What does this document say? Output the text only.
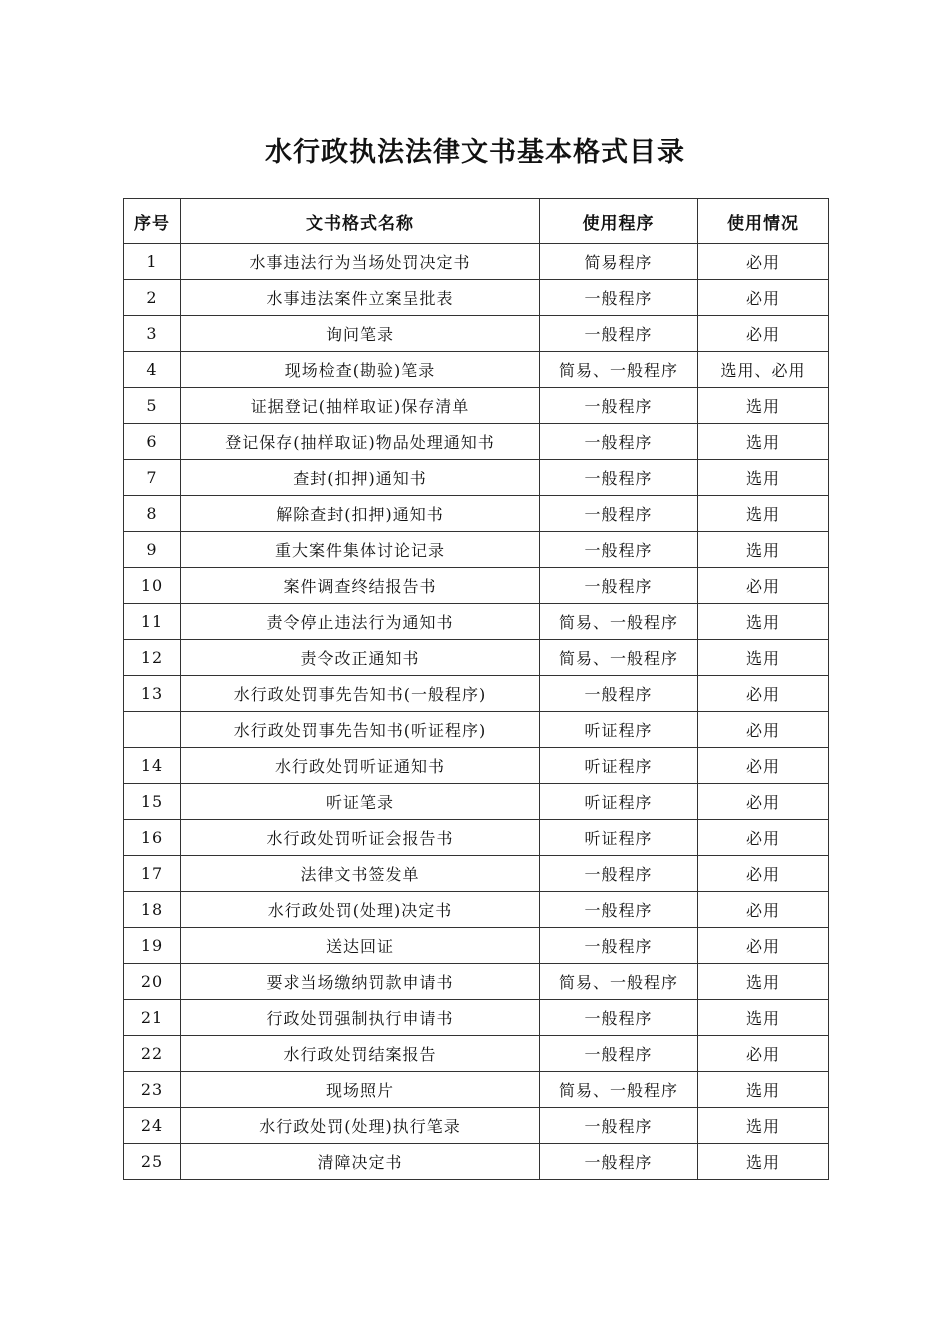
水行政执法法律文书基本格式目录
序号	文书格式名称	使用程序	使用情况
1	水事违法行为当场处罚决定书	简易程序	必用
2	水事违法案件立案呈批表	一般程序	必用
3	询问笔录	一般程序	必用
4	现场检查(勘验)笔录	简易、一般程序	选用、必用
5	证据登记(抽样取证)保存清单	一般程序	选用
6	登记保存(抽样取证)物品处理通知书	一般程序	选用
7	查封(扣押)通知书	一般程序	选用
8	解除查封(扣押)通知书	一般程序	选用
9	重大案件集体讨论记录	一般程序	选用
10	案件调查终结报告书	一般程序	必用
11	责令停止违法行为通知书	简易、一般程序	选用
12	责令改正通知书	简易、一般程序	选用
13	水行政处罚事先告知书(一般程序)	一般程序	必用
	水行政处罚事先告知书(听证程序)	听证程序	必用
14	水行政处罚听证通知书	听证程序	必用
15	听证笔录	听证程序	必用
16	水行政处罚听证会报告书	听证程序	必用
17	法律文书签发单	一般程序	必用
18	水行政处罚(处理)决定书	一般程序	必用
19	送达回证	一般程序	必用
20	要求当场缴纳罚款申请书	简易、一般程序	选用
21	行政处罚强制执行申请书	一般程序	选用
22	水行政处罚结案报告	一般程序	必用
23	现场照片	简易、一般程序	选用
24	水行政处罚(处理)执行笔录	一般程序	选用
25	清障决定书	一般程序	选用
